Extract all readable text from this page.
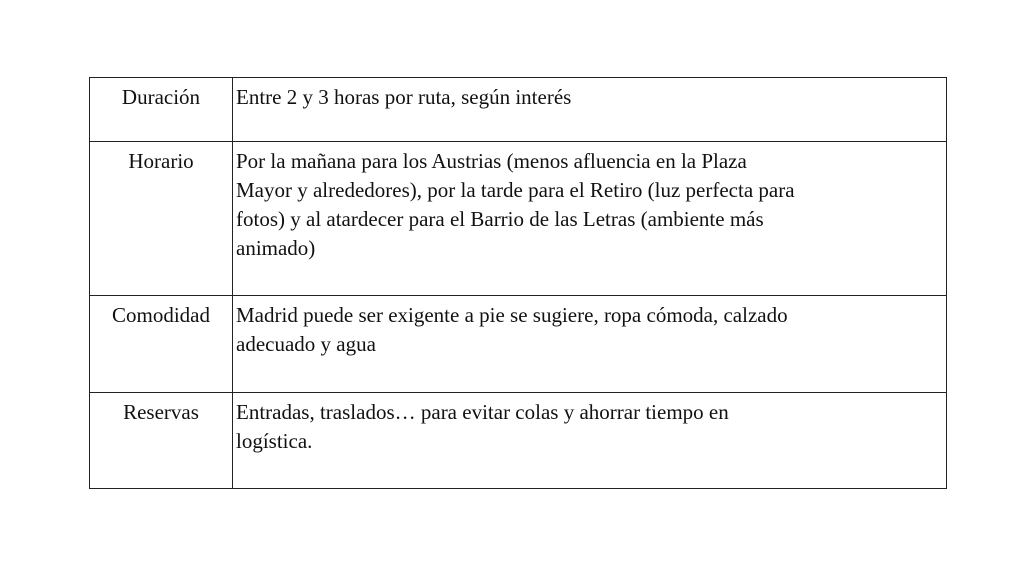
Duración	Entre 2 y 3 horas por ruta, según interés

Horario	Por la mañana para los Austrias (menos afluencia en la Plaza
Mayor y alrededores), por la tarde para el Retiro (luz perfecta para
fotos) y al atardecer para el Barrio de las Letras (ambiente más
animado)

Comodidad	Madrid puede ser exigente a pie se sugiere, ropa cómoda, calzado
adecuado y agua

Reservas	Entradas, traslados… para evitar colas y ahorrar tiempo en
logística.
